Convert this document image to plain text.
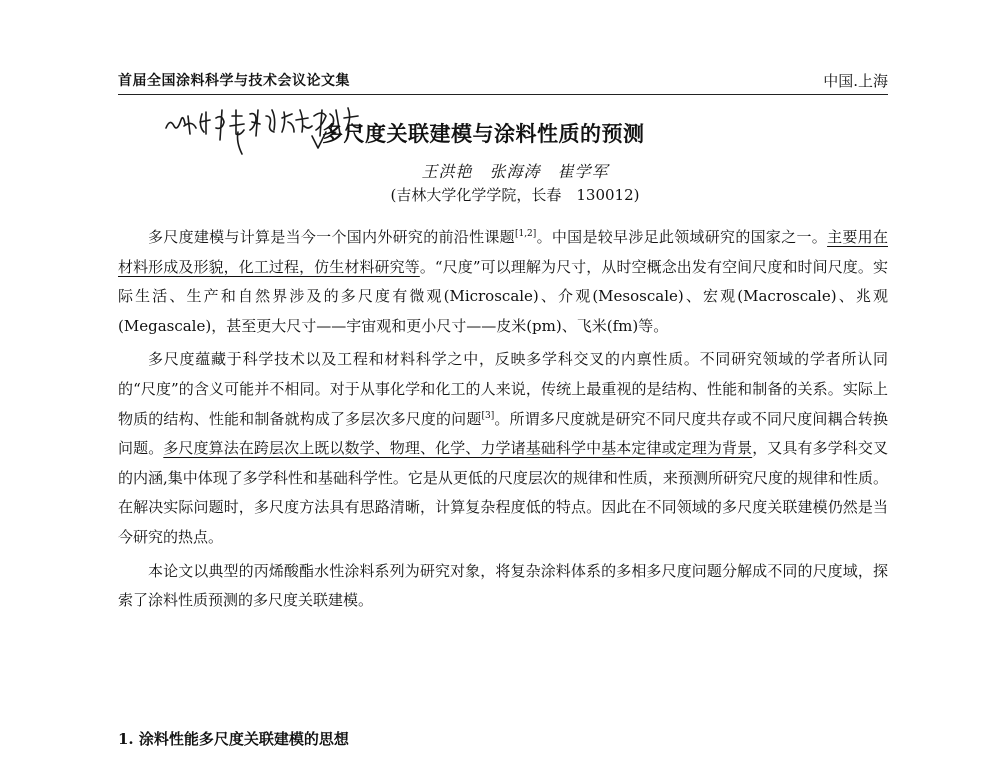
首届全国涂料科学与技术会议论文集	中国.上海
多尺度关联建模与涂料性质的预测
王洪艳　张海涛　崔学军
(吉林大学化学学院，长春　130012)

多尺度建模与计算是当今一个国内外研究的前沿性课题[1,2]。中国是较早涉足此领域研究的国家之一。主要用在材料形成及形貌，化工过程，仿生材料研究等。“尺度”可以理解为尺寸，从时空概念出发有空间尺度和时间尺度。实际生活、生产和自然界涉及的多尺度有微观(Microscale)、介观(Mesoscale)、宏观(Macroscale)、兆观(Megascale)，甚至更大尺寸——宇宙观和更小尺寸——皮米(pm)、飞米(fm)等。

多尺度蕴藏于科学技术以及工程和材料科学之中，反映多学科交叉的内禀性质。不同研究领域的学者所认同的“尺度”的含义可能并不相同。对于从事化学和化工的人来说，传统上最重视的是结构、性能和制备的关系。实际上物质的结构、性能和制备就构成了多层次多尺度的问题[3]。所谓多尺度就是研究不同尺度共存或不同尺度间耦合转换问题。多尺度算法在跨层次上既以数学、物理、化学、力学诸基础科学中基本定律或定理为背景，又具有多学科交叉的内涵,集中体现了多学科性和基础科学性。它是从更低的尺度层次的规律和性质，来预测所研究尺度的规律和性质。在解决实际问题时，多尺度方法具有思路清晰，计算复杂程度低的特点。因此在不同领域的多尺度关联建模仍然是当今研究的热点。

本论文以典型的丙烯酸酯水性涂料系列为研究对象，将复杂涂料体系的多相多尺度问题分解成不同的尺度域，探索了涂料性质预测的多尺度关联建模。

1. 涂料性能多尺度关联建模的思想
